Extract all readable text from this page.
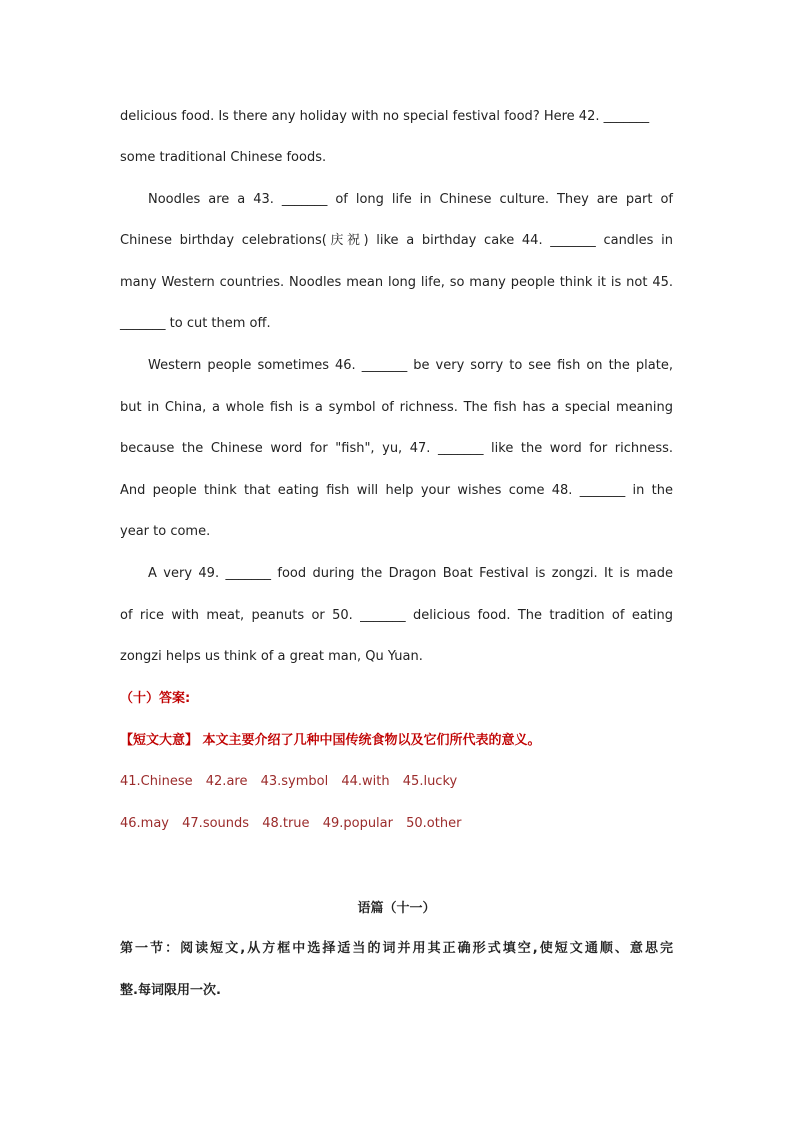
delicious food. Is there any holiday with no special festival food? Here 42. _______
some traditional Chinese foods.
Noodles are a 43. _______ of long life in Chinese culture. They are part of
Chinese birthday celebrations(庆祝) like a birthday cake 44. _______ candles in
many Western countries. Noodles mean long life, so many people think it is not 45.
_______ to cut them off.
Western people sometimes 46. _______ be very sorry to see fish on the plate,
but in China, a whole fish is a symbol of richness. The fish has a special meaning
because the Chinese word for "fish", yu, 47. _______ like the word for richness.
And people think that eating fish will help your wishes come 48. _______ in the
year to come.
A very 49. _______ food during the Dragon Boat Festival is zongzi. It is made
of rice with meat, peanuts or 50. _______ delicious food. The tradition of eating
zongzi helps us think of a great man, Qu Yuan.
（十）答案:
【短文大意】 本文主要介绍了几种中国传统食物以及它们所代表的意义。
41.Chinese 42.are 43.symbol 44.with 45.lucky
46.may 47.sounds 48.true 49.popular 50.other
语篇（十一）
第一节：阅读短文,从方框中选择适当的词并用其正确形式填空,使短文通顺、意思完
整.每词限用一次.
